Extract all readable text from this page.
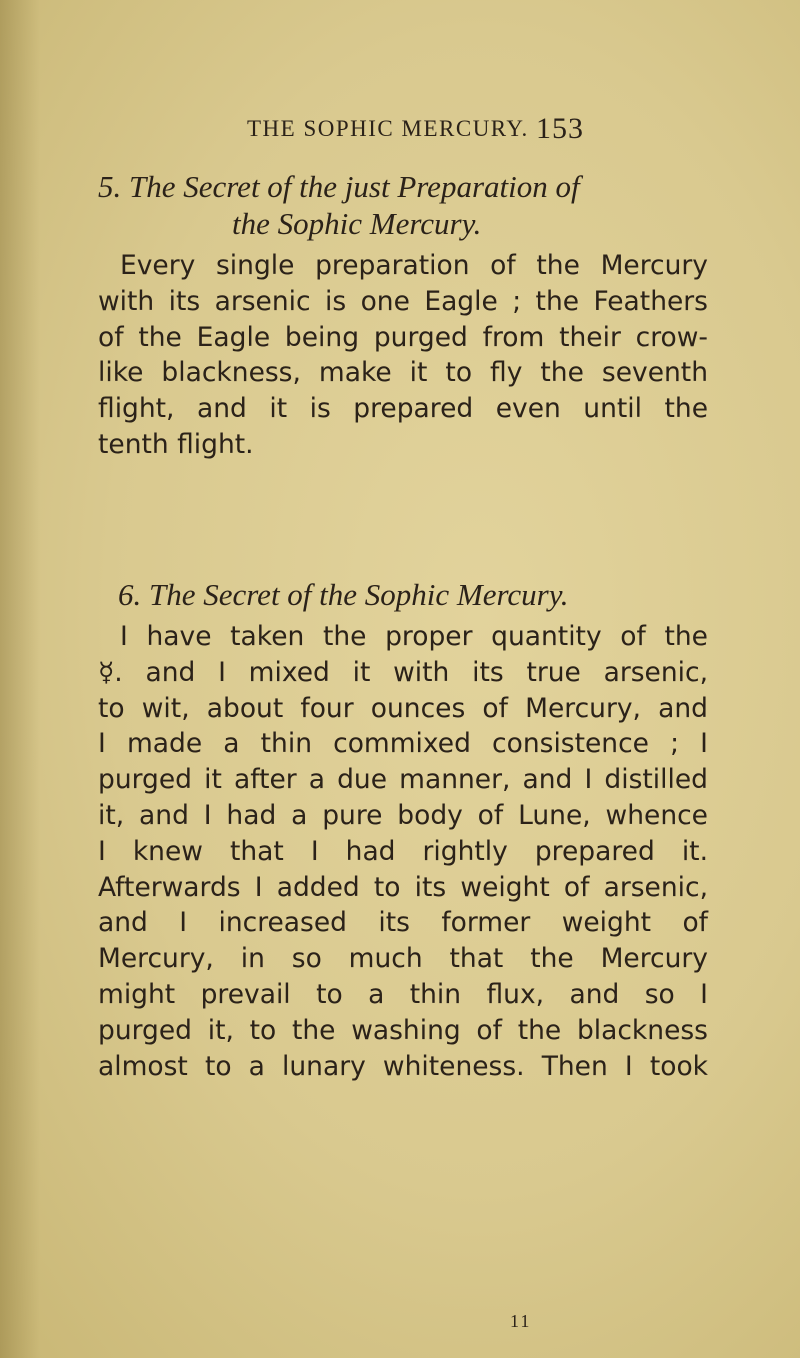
THE SOPHIC MERCURY. 153
5. The Secret of the just Preparation of
the Sophic Mercury.
Every single preparation of the Mercury
with its arsenic is one Eagle ; the Feathers
of the Eagle being purged from their crow-
like blackness, make it to fly the seventh
flight, and it is prepared even until the
tenth flight.
6. The Secret of the Sophic Mercury.
I have taken the proper quantity of the
☿. and I mixed it with its true arsenic,
to wit, about four ounces of Mercury, and
I made a thin commixed consistence ; I
purged it after a due manner, and I distilled
it, and I had a pure body of Lune, whence
I knew that I had rightly prepared it.
Afterwards I added to its weight of arsenic,
and I increased its former weight of
Mercury, in so much that the Mercury
might prevail to a thin flux, and so I
purged it, to the washing of the blackness
almost to a lunary whiteness. Then I took
11
